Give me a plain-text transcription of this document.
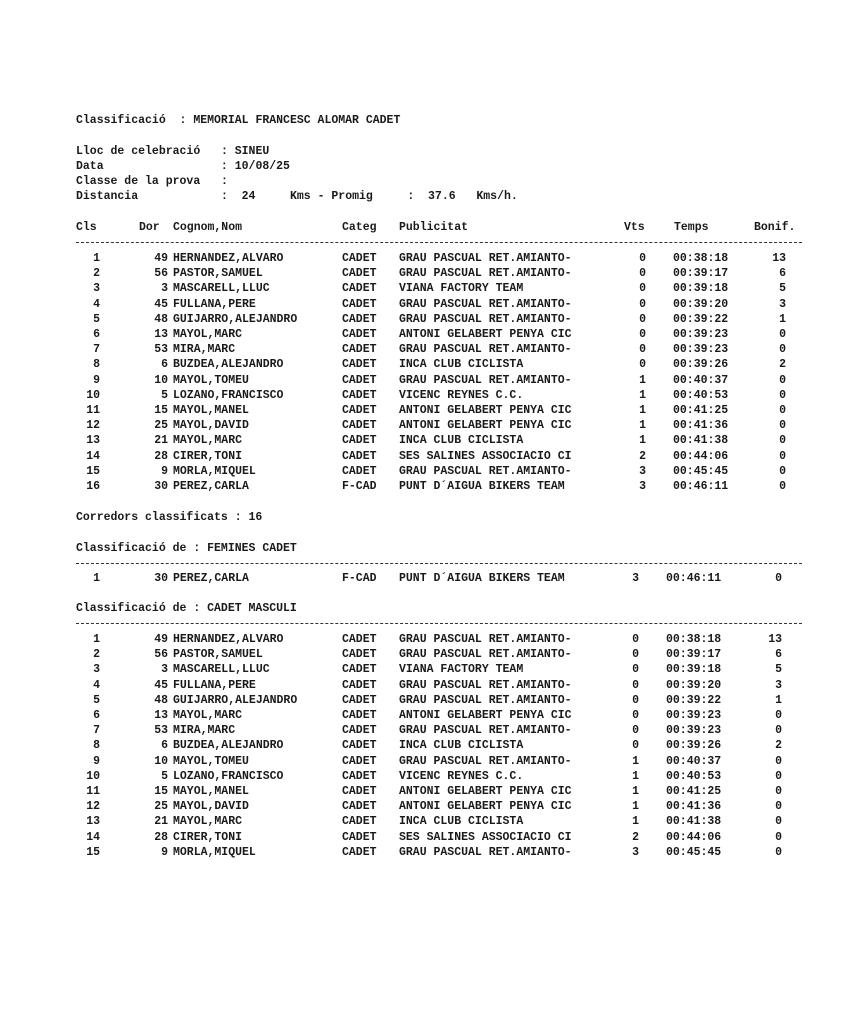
Classificació  : MEMORIAL FRANCESC ALOMAR CADET
Lloc de celebració   : SINEU
Data                 : 10/08/25
Classe de la prova   :
Distancia            :  24	Kms - Promig     :  37.6 Kms/h.
Cls	Dor Cognom,Nom	Categ Publicitat	Vts	Temps	Bonif.
1	49 HERNANDEZ,ALVARO	CADET GRAU PASCUAL RET.AMIANTO-	0 00:38:18	13
2	56 PASTOR,SAMUEL	CADET GRAU PASCUAL RET.AMIANTO-	0 00:39:17	6
3	3 MASCARELL,LLUC	CADET VIANA FACTORY TEAM	0 00:39:18	5
4	45 FULLANA,PERE	CADET GRAU PASCUAL RET.AMIANTO-	0 00:39:20	3
5	48 GUIJARRO,ALEJANDRO	CADET GRAU PASCUAL RET.AMIANTO-	0 00:39:22	1
6	13 MAYOL,MARC	CADET ANTONI GELABERT PENYA CIC	0 00:39:23	0
7	53 MIRA,MARC	CADET GRAU PASCUAL RET.AMIANTO-	0 00:39:23	0
8	6 BUZDEA,ALEJANDRO	CADET INCA CLUB CICLISTA	0 00:39:26	2
9	10 MAYOL,TOMEU	CADET GRAU PASCUAL RET.AMIANTO-	1 00:40:37	0
10	5 LOZANO,FRANCISCO	CADET VICENC REYNES C.C.	1 00:40:53	0
11	15 MAYOL,MANEL	CADET ANTONI GELABERT PENYA CIC	1 00:41:25	0
12	25 MAYOL,DAVID	CADET ANTONI GELABERT PENYA CIC	1 00:41:36	0
13	21 MAYOL,MARC	CADET INCA CLUB CICLISTA	1 00:41:38	0
14	28 CIRER,TONI	CADET SES SALINES ASSOCIACIO CI	2 00:44:06	0
15	9 MORLA,MIQUEL	CADET GRAU PASCUAL RET.AMIANTO-	3 00:45:45	0
16	30 PEREZ,CARLA	F-CAD PUNT D´AIGUA BIKERS TEAM	3 00:46:11	0
Corredors classificats : 16
Classificació de : FEMINES CADET
1	30 PEREZ,CARLA	F-CAD PUNT D´AIGUA BIKERS TEAM	3 00:46:11	0
Classificació de : CADET MASCULI
1	49 HERNANDEZ,ALVARO	CADET GRAU PASCUAL RET.AMIANTO-	0 00:38:18	13
2	56 PASTOR,SAMUEL	CADET GRAU PASCUAL RET.AMIANTO-	0 00:39:17	6
3	3 MASCARELL,LLUC	CADET VIANA FACTORY TEAM	0 00:39:18	5
4	45 FULLANA,PERE	CADET GRAU PASCUAL RET.AMIANTO-	0 00:39:20	3
5	48 GUIJARRO,ALEJANDRO	CADET GRAU PASCUAL RET.AMIANTO-	0 00:39:22	1
6	13 MAYOL,MARC	CADET ANTONI GELABERT PENYA CIC	0 00:39:23	0
7	53 MIRA,MARC	CADET GRAU PASCUAL RET.AMIANTO-	0 00:39:23	0
8	6 BUZDEA,ALEJANDRO	CADET INCA CLUB CICLISTA	0 00:39:26	2
9	10 MAYOL,TOMEU	CADET GRAU PASCUAL RET.AMIANTO-	1 00:40:37	0
10	5 LOZANO,FRANCISCO	CADET VICENC REYNES C.C.	1 00:40:53	0
11	15 MAYOL,MANEL	CADET ANTONI GELABERT PENYA CIC	1 00:41:25	0
12	25 MAYOL,DAVID	CADET ANTONI GELABERT PENYA CIC	1 00:41:36	0
13	21 MAYOL,MARC	CADET INCA CLUB CICLISTA	1 00:41:38	0
14	28 CIRER,TONI	CADET SES SALINES ASSOCIACIO CI	2 00:44:06	0
15	9 MORLA,MIQUEL	CADET GRAU PASCUAL RET.AMIANTO-	3 00:45:45	0
